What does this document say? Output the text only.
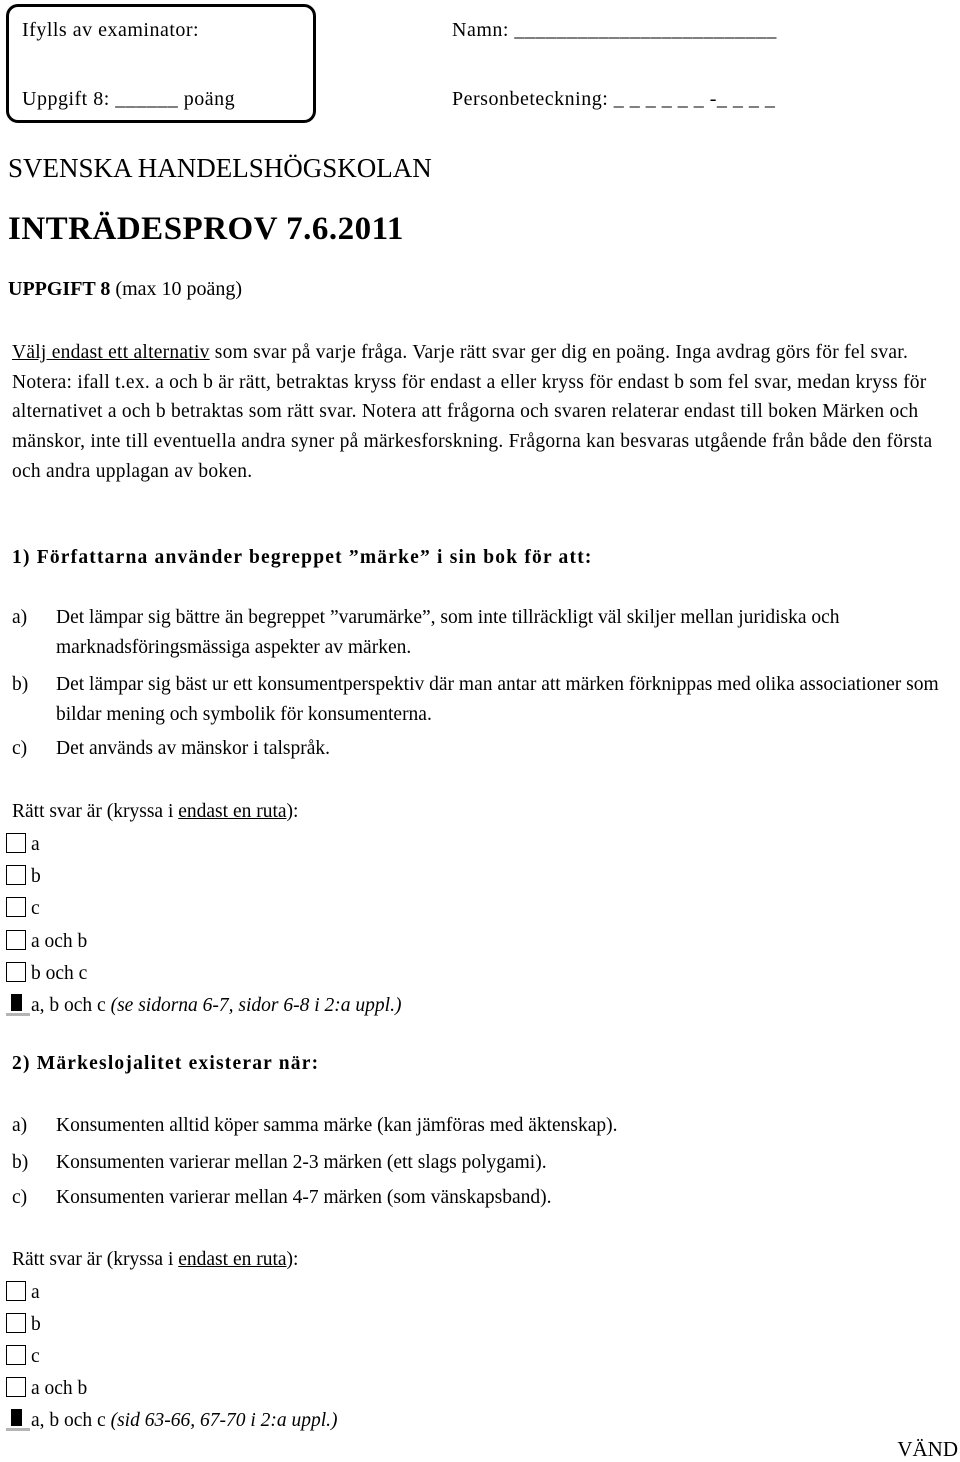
Ifylls av examinator:
Uppgift 8: ______ poäng
Namn: _________________________
Personbeteckning: _ _ _ _ _ _ -_ _ _ _
SVENSKA HANDELSHÖGSKOLAN
INTRÄDESPROV 7.6.2011
UPPGIFT 8 (max 10 poäng)
Välj endast ett alternativ som svar på varje fråga. Varje rätt svar ger dig en poäng. Inga avdrag görs för fel svar. Notera: ifall t.ex. a och b är rätt, betraktas kryss för endast a eller kryss för endast b som fel svar, medan kryss för alternativet a och b betraktas som rätt svar. Notera att frågorna och svaren relaterar endast till boken Märken och mänskor, inte till eventuella andra syner på märkesforskning. Frågorna kan besvaras utgående från både den första och andra upplagan av boken.
1) Författarna använder begreppet ”märke” i sin bok för att:
a) Det lämpar sig bättre än begreppet ”varumärke”, som inte tillräckligt väl skiljer mellan juridiska och marknadsföringsmässiga aspekter av märken.
b) Det lämpar sig bäst ur ett konsumentperspektiv där man antar att märken förknippas med olika associationer som bildar mening och symbolik för konsumenterna.
c) Det används av mänskor i talspråk.
Rätt svar är (kryssa i endast en ruta):
a
b
c
a och b
b och c
a, b och c (se sidorna 6-7, sidor 6-8 i 2:a uppl.)
2) Märkeslojalitet existerar när:
a) Konsumenten alltid köper samma märke (kan jämföras med äktenskap).
b) Konsumenten varierar mellan 2-3 märken (ett slags polygami).
c) Konsumenten varierar mellan 4-7 märken (som vänskapsband).
Rätt svar är (kryssa i endast en ruta):
a
b
c
a och b
a, b och c (sid 63-66, 67-70 i 2:a uppl.)
VÄND
